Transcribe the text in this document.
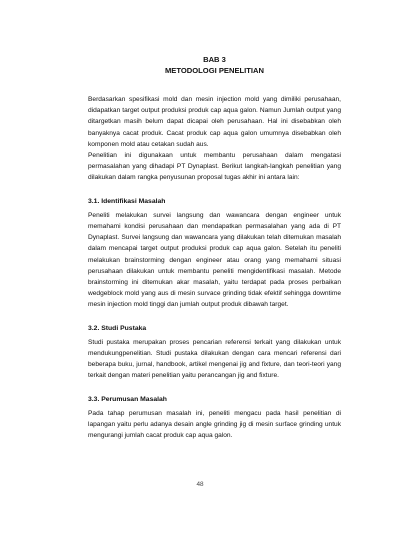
BAB 3

METODOLOGI PENELITIAN

Berdasarkan spesifikasi mold dan mesin injection mold yang dimiliki perusahaan, didapatkan target output produksi produk cap aqua galon. Namun Jumlah output yang ditargetkan masih belum dapat dicapai oleh perusahaan. Hal ini disebabkan oleh banyaknya cacat produk. Cacat produk cap aqua galon umumnya disebabkan oleh komponen mold atau cetakan sudah aus.

Penelitian ini digunakaan untuk membantu perusahaan dalam mengatasi permasalahan yang dihadapi PT Dynaplast. Berikut langkah-langkah penelitian yang dilakukan dalam rangka penyusunan proposal tugas akhir ini antara lain:

3.1. Identifikasi Masalah

Peneliti melakukan survei langsung dan wawancara dengan engineer untuk memahami kondisi perusahaan dan mendapatkan permasalahan yang ada di PT Dynaplast. Survei langsung dan wawancara yang dilakukan telah ditemukan masalah dalam mencapai target output produksi produk cap aqua galon. Setelah itu peneliti melakukan brainstorming dengan engineer atau orang yang memahami situasi perusahaan dilakukan untuk membantu peneliti mengidentifikasi masalah. Metode brainstorming ini ditemukan akar masalah, yaitu terdapat pada proses perbaikan wedgeblock mold yang aus di mesin survace grinding tidak efektif sehingga downtime mesin injection mold tinggi dan jumlah output produk dibawah target.

3.2. Studi Pustaka

Studi pustaka merupakan proses pencarian referensi terkait yang dilakukan untuk mendukungpenelitian. Studi pustaka dilakukan dengan cara mencari referensi dari beberapa buku, jurnal, handbook, artikel mengenai jig and fixture, dan teori-teori yang terkait dengan materi penelitian yaitu perancangan jig and fixture.

3.3. Perumusan Masalah

Pada tahap perumusan masalah ini, peneliti mengacu pada hasil penelitian di lapangan yaitu perlu adanya desain angle grinding jig di mesin surface grinding untuk mengurangi jumlah cacat produk cap aqua galon.

48
